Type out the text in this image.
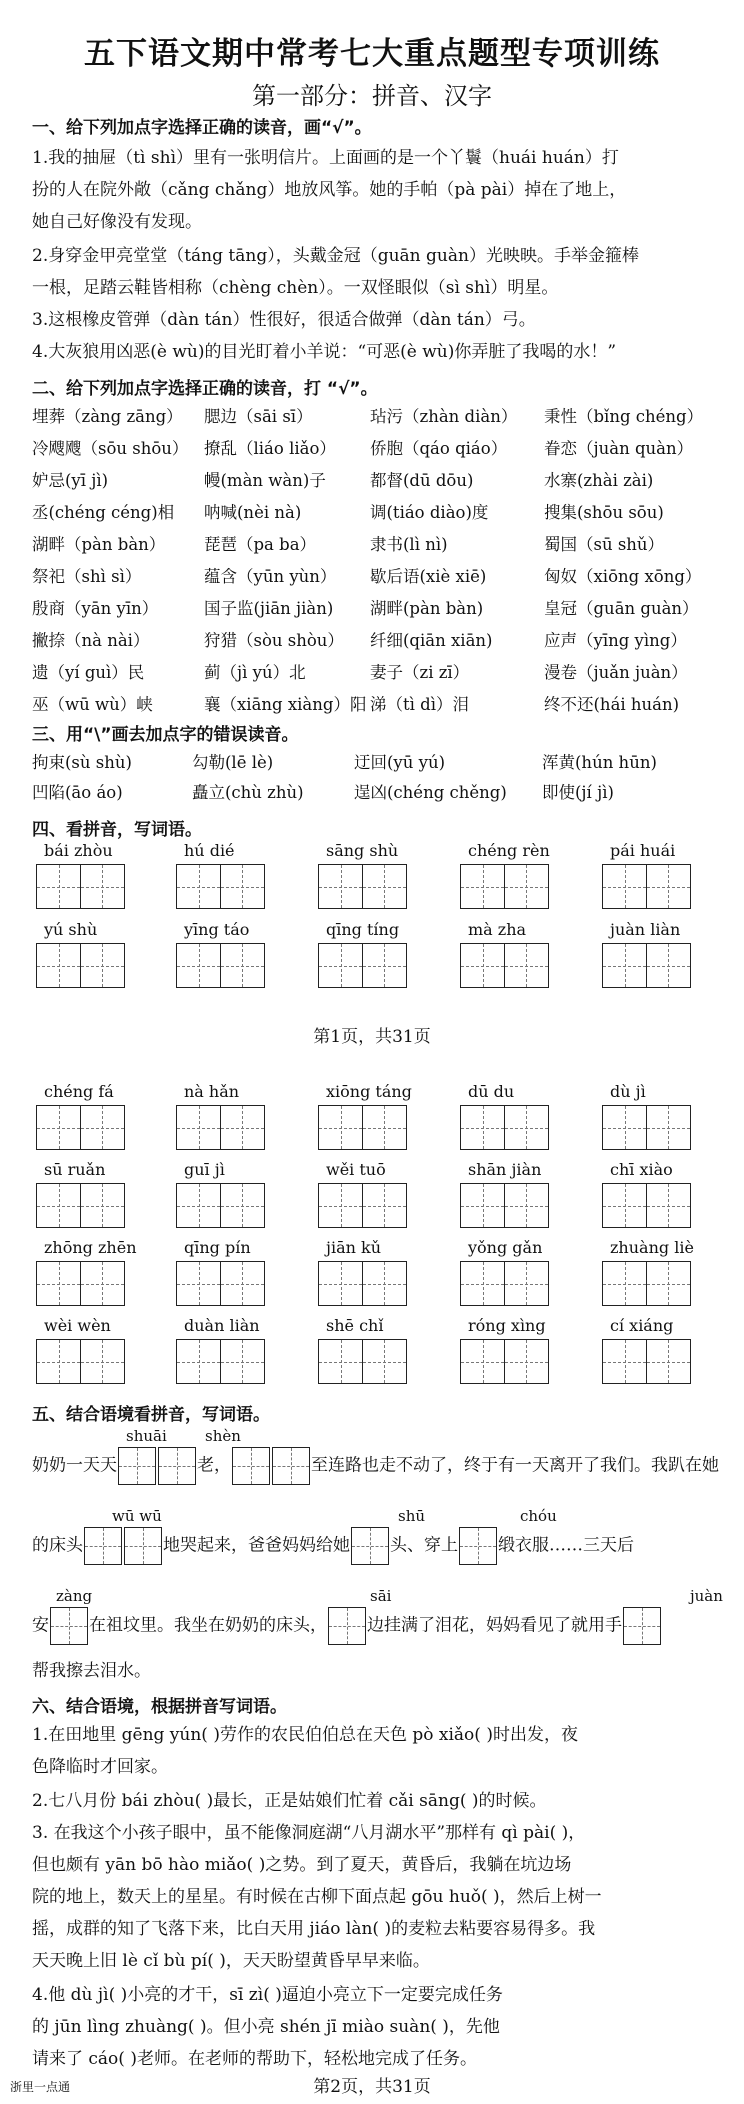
五下语文期中常考七大重点题型专项训练
第一部分：拼音、汉字
一、给下列加点字选择正确的读音，画“√”。
1.我的抽屉（tì shì）里有一张明信片。上面画的是一个丫鬟（huái huán）打
扮的人在院外敞（cǎng chǎng）地放风筝。她的手帕（pà pài）掉在了地上，
她自己好像没有发现。
2.身穿金甲亮堂堂（táng tāng），头戴金冠（guān guàn）光映映。手举金箍棒
一根，足踏云鞋皆相称（chèng chèn）。一双怪眼似（sì shì）明星。
3.这根橡皮管弹（dàn tán）性很好，很适合做弹（dàn tán）弓。
4.大灰狼用凶恶(è wù)的目光盯着小羊说：“可恶(è wù)你弄脏了我喝的水！”
二、给下列加点字选择正确的读音，打 “√”。
埋葬（zàng zāng） 腮边（sāi sī）	玷污（zhàn diàn） 秉性（bǐng chéng）
冷飕飕（sōu shōu） 撩乱（liáo liǎo） 侨胞（qáo qiáo） 眷恋（juàn quàn）
妒忌(yī jì)	幔(màn wàn)子	都督(dū dōu)	水寨(zhài zài)
丞(chéng céng)相 呐喊(nèi nà)	调(tiáo diào)度	搜集(shōu sōu)
湖畔（pàn bàn） 琵琶（pa ba）	隶书(lì nì)	蜀国（sū shǔ）
祭祀（shì sì）	蕴含（yūn yùn） 歇后语(xiè xiē)	匈奴（xiōng xōng）
殷商（yān yīn）	国子监(jiān jiàn) 湖畔(pàn bàn)	皇冠（guān guàn）
撇捺（nà nài）	狩猎（sòu shòu） 纤细(qiān xiān)	应声（yīng yìng）
遗（yí guì）民	蓟（jì yú）北	妻子（zi zī）	漫卷（juǎn juàn）
巫（wū wù）峡	襄（xiāng xiàng）阳 涕（tì dì）泪	终不还(hái huán)
三、用“\”画去加点字的错误读音。
拘束(sù shù)	勾勒(lē lè)	迂回(yū yú)	浑黄(hún hūn)
凹陷(āo áo)	矗立(chù zhù)	逞凶(chéng chěng) 即使(jí jì)
四、看拼音，写词语。
bái zhòu	hú dié	sāng shù	chéng rèn	pái huái
yú shù	yīng táo	qīng tíng	mà zha	juàn liàn
第1页，共31页
chéng fá	nà hǎn	xiōng táng	dū du	dù jì
sū ruǎn	guī jì	wěi tuō	shān jiàn	chī xiào
zhōng zhēn	qīng pín	jiān kǔ	yǒng gǎn	zhuàng liè
wèi wèn	duàn liàn	shē chǐ	róng xìng	cí xiáng
五、结合语境看拼音，写词语。
shuāi	shèn
奶奶一天天	老，	至连路也走不动了，终于有一天离开了我们。我趴在她
wū wū	shū	chóu
的床头	地哭起来，爸爸妈妈给她 头、穿上 缎衣服……三天后
zàng	sāi	juàn
安 在祖坟里。我坐在奶奶的床头， 边挂满了泪花，妈妈看见了就用手
帮我擦去泪水。
六、结合语境，根据拼音写词语。
1.在田地里 gēng yún( )劳作的农民伯伯总在天色 pò xiǎo( )时出发，夜
色降临时才回家。
2.七八月份 bái zhòu( )最长，正是姑娘们忙着 cǎi sāng( )的时候。
3. 在我这个小孩子眼中，虽不能像洞庭湖“八月湖水平”那样有 qì pài( )，
但也颇有 yān bō hào miǎo( )之势。到了夏天，黄昏后，我躺在坑边场
院的地上，数天上的星星。有时候在古柳下面点起 gōu huǒ( )，然后上树一
摇，成群的知了飞落下来，比白天用 jiáo làn( )的麦粒去粘要容易得多。我
天天晚上旧 lè cǐ bù pí( )，天天盼望黄昏早早来临。
4.他 dù jì( )小亮的才干，sī zì( )逼迫小亮立下一定要完成任务
的 jūn lìng zhuàng( )。但小亮 shén jī miào suàn( )，先他
请来了 cáo( )老师。在老师的帮助下，轻松地完成了任务。
浙里一点通	第2页，共31页
